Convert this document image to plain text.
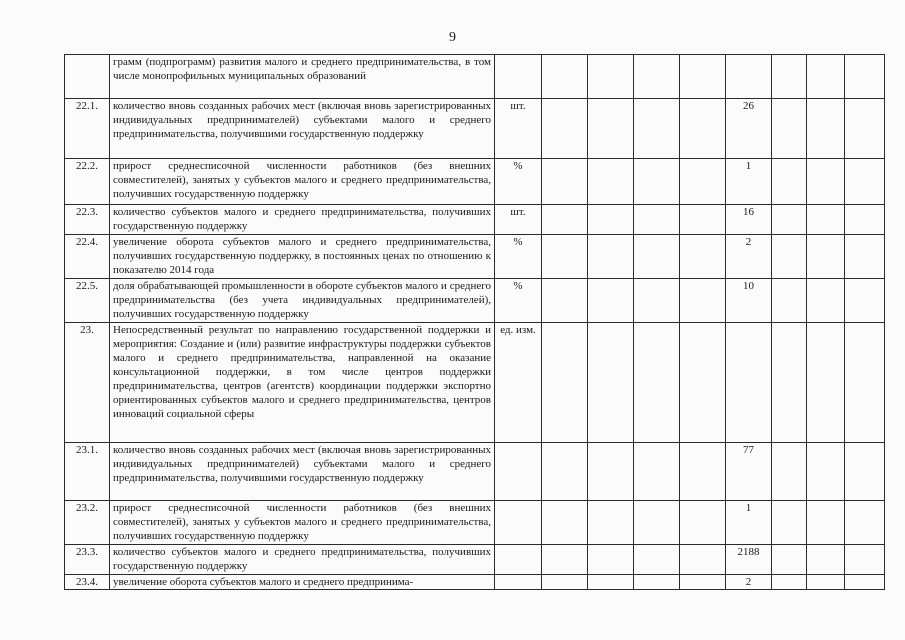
9
	грамм (подпрограмм) развития малого и среднего предпринимательства, в том числе монопрофильных муниципальных образований									
22.1.	количество вновь созданных рабочих мест (включая вновь зарегистрированных индивидуальных предпринимателей) субъектами малого и среднего предпринимательства, получившими государственную поддержку	шт.					26			
22.2.	прирост среднесписочной численности работников (без внешних совместителей), занятых у субъектов малого и среднего предпринимательства, получивших государственную поддержку	%					1			
22.3.	количество субъектов малого и среднего предпринимательства, получивших государственную поддержку	шт.					16			
22.4.	увеличение оборота субъектов малого и среднего предпринимательства, получивших государственную поддержку, в постоянных ценах по отношению к показателю 2014 года	%					2			
22.5.	доля обрабатывающей промышленности в обороте субъектов малого и среднего предпринимательства (без учета индивидуальных предпринимателей), получивших государственную поддержку	%					10			
23.	Непосредственный результат по направлению государственной поддержки и мероприятия: Создание и (или) развитие инфраструктуры поддержки субъектов малого и среднего предпринимательства, направленной на оказание консультационной поддержки, в том числе центров поддержки предпринимательства, центров (агентств) координации поддержки экспортно ориентированных субъектов малого и среднего предпринимательства, центров инноваций социальной сферы	ед. изм.								
23.1.	количество вновь созданных рабочих мест (включая вновь зарегистрированных индивидуальных предпринимателей) субъектами малого и среднего предпринимательства, получившими государственную поддержку						77			
23.2.	прирост среднесписочной численности работников (без внешних совместителей), занятых у субъектов малого и среднего предпринимательства, получивших государственную поддержку						1			
23.3.	количество субъектов малого и среднего предпринимательства, получивших государственную поддержку						2188			
23.4.	увеличение оборота субъектов малого и среднего предпринима-						2			
